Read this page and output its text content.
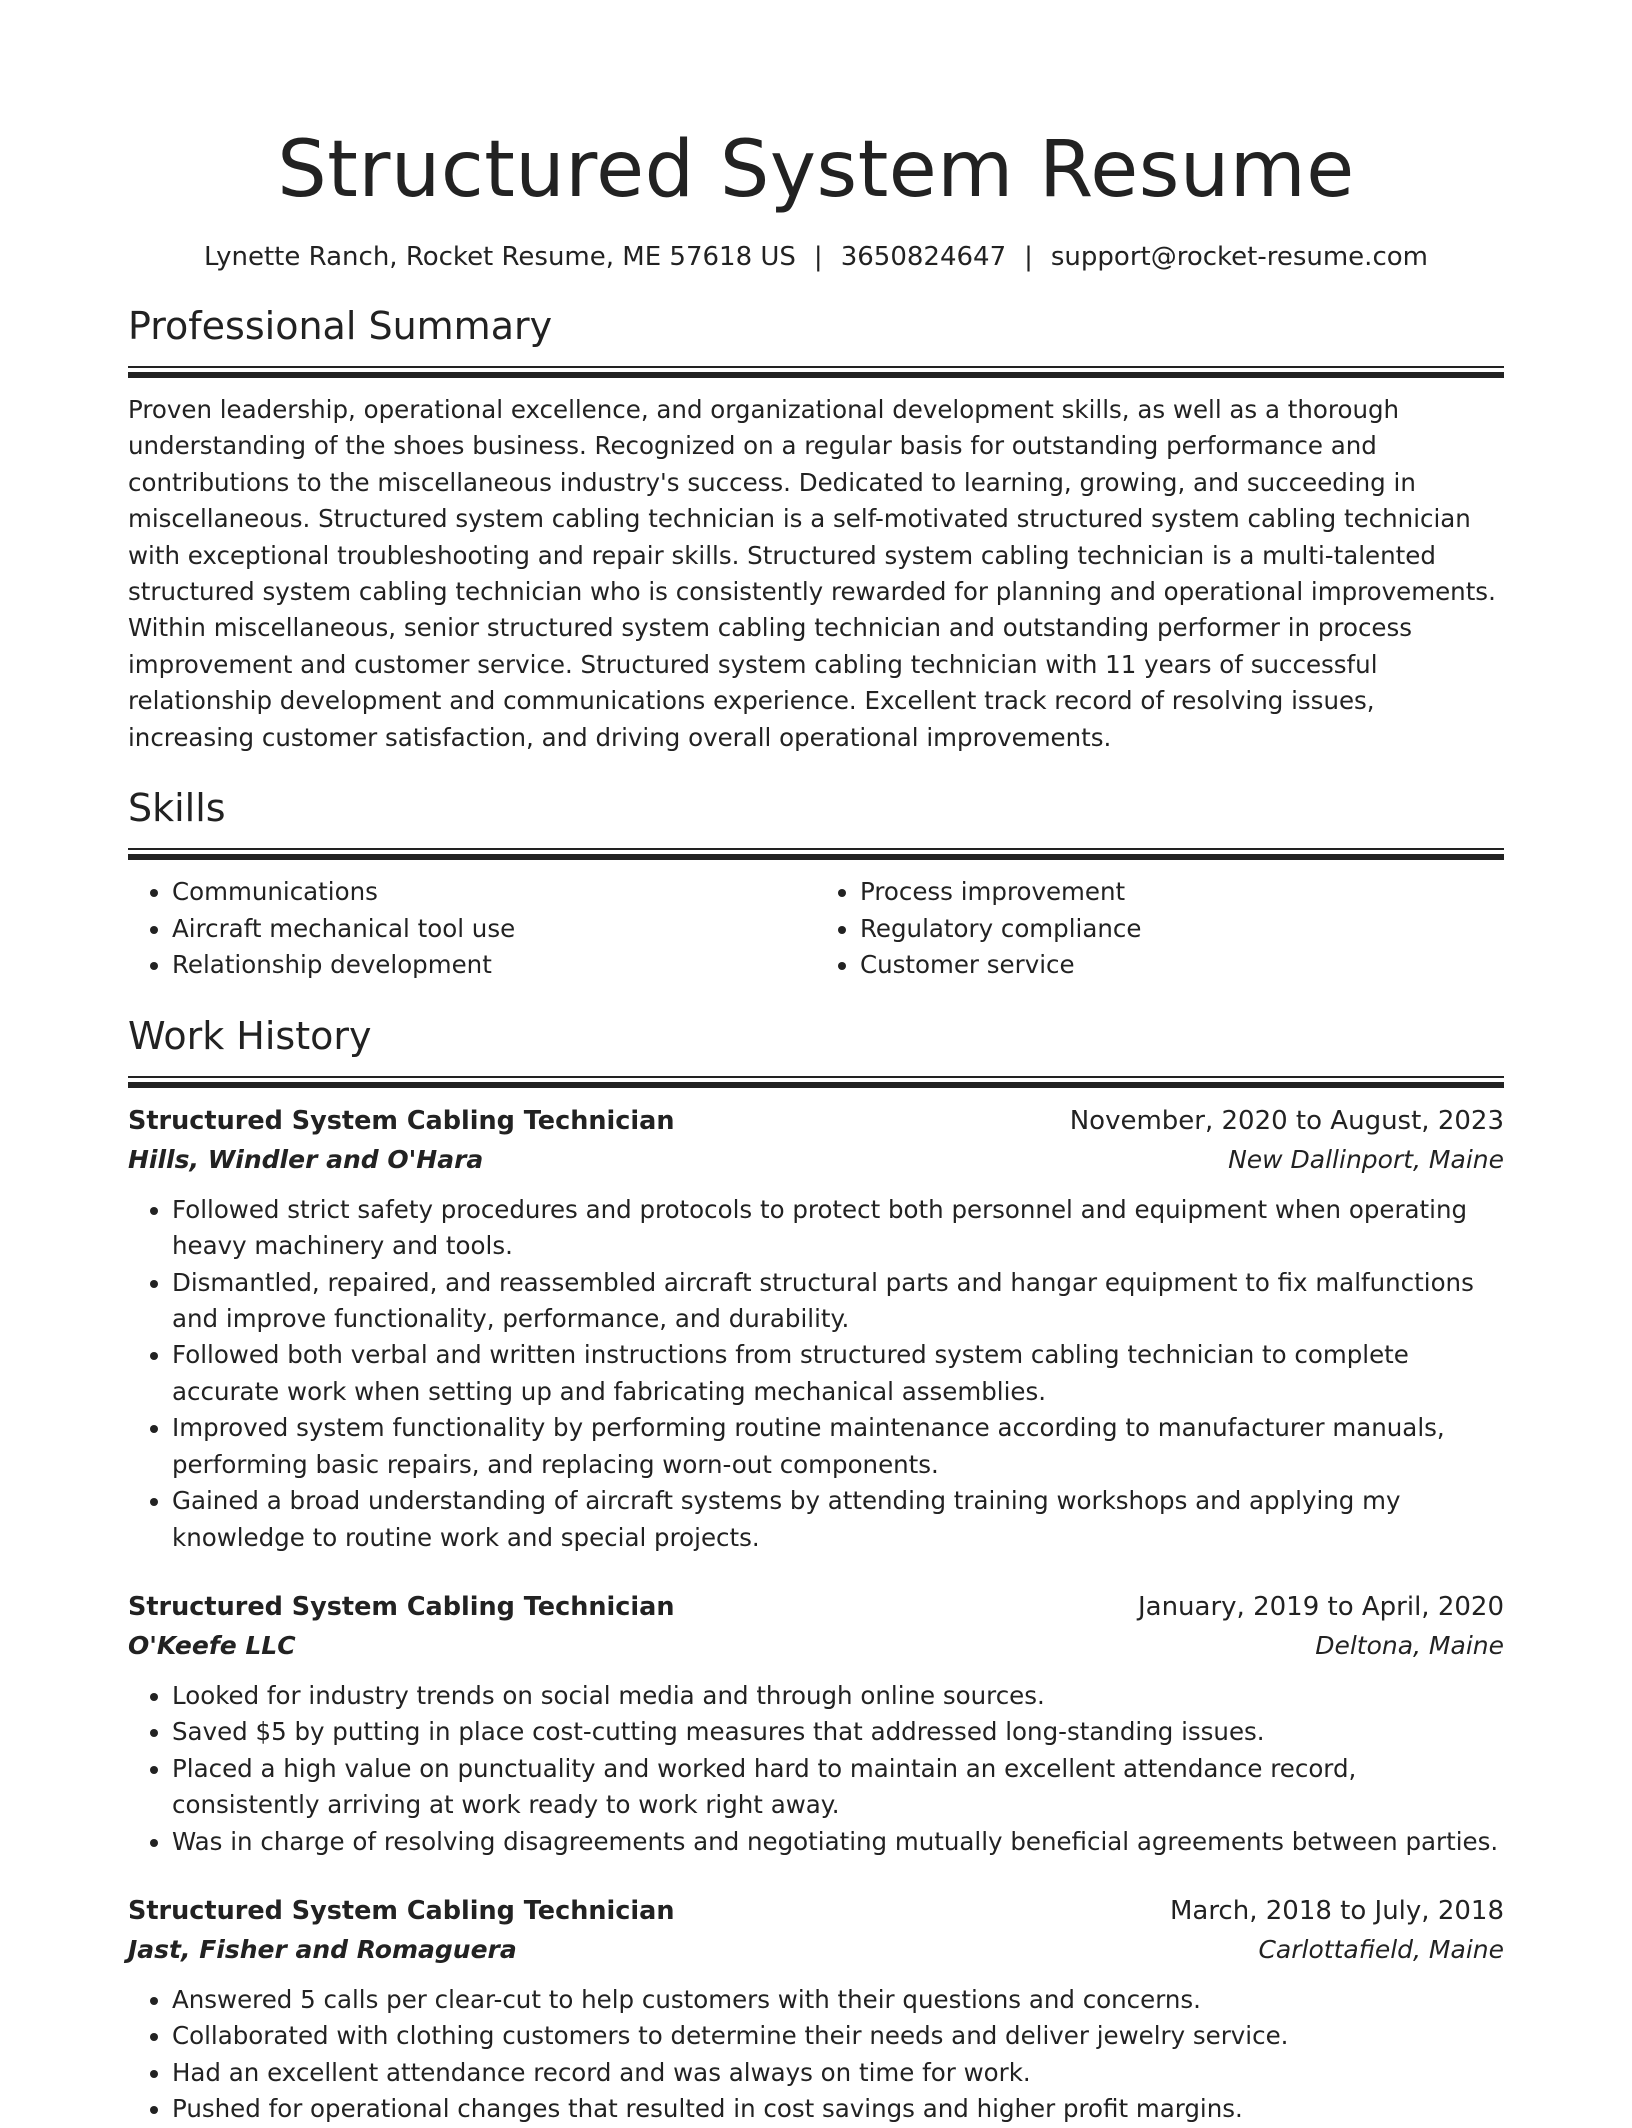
Structured System Resume
Lynette Ranch, Rocket Resume, ME 57618 US | 3650824647 | support@rocket-resume.com
Professional Summary

Proven leadership, operational excellence, and organizational development skills, as well as a thorough understanding of the shoes business. Recognized on a regular basis for outstanding performance and contributions to the miscellaneous industry's success. Dedicated to learning, growing, and succeeding in miscellaneous. Structured system cabling technician is a self-motivated structured system cabling technician with exceptional troubleshooting and repair skills. Structured system cabling technician is a multi-talented structured system cabling technician who is consistently rewarded for planning and operational improvements. Within miscellaneous, senior structured system cabling technician and outstanding performer in process improvement and customer service. Structured system cabling technician with 11 years of successful relationship development and communications experience. Excellent track record of resolving issues, increasing customer satisfaction, and driving overall operational improvements.

Skills
• Communications
• Aircraft mechanical tool use
• Relationship development
• Process improvement
• Regulatory compliance
• Customer service
Work History
Structured System Cabling Technician	November, 2020 to August, 2023
Hills, Windler and O'Hara	New Dallinport, Maine
• Followed strict safety procedures and protocols to protect both personnel and equipment when operating heavy machinery and tools.
• Dismantled, repaired, and reassembled aircraft structural parts and hangar equipment to fix malfunctions and improve functionality, performance, and durability.
• Followed both verbal and written instructions from structured system cabling technician to complete accurate work when setting up and fabricating mechanical assemblies.
• Improved system functionality by performing routine maintenance according to manufacturer manuals, performing basic repairs, and replacing worn-out components.
• Gained a broad understanding of aircraft systems by attending training workshops and applying my knowledge to routine work and special projects.
Structured System Cabling Technician	January, 2019 to April, 2020
O'Keefe LLC	Deltona, Maine
• Looked for industry trends on social media and through online sources.
• Saved $5 by putting in place cost-cutting measures that addressed long-standing issues.
• Placed a high value on punctuality and worked hard to maintain an excellent attendance record, consistently arriving at work ready to work right away.
• Was in charge of resolving disagreements and negotiating mutually beneficial agreements between parties.
Structured System Cabling Technician	March, 2018 to July, 2018
Jast, Fisher and Romaguera	Carlottafield, Maine
• Answered 5 calls per clear-cut to help customers with their questions and concerns.
• Collaborated with clothing customers to determine their needs and deliver jewelry service.
• Had an excellent attendance record and was always on time for work.
• Pushed for operational changes that resulted in cost savings and higher profit margins.
